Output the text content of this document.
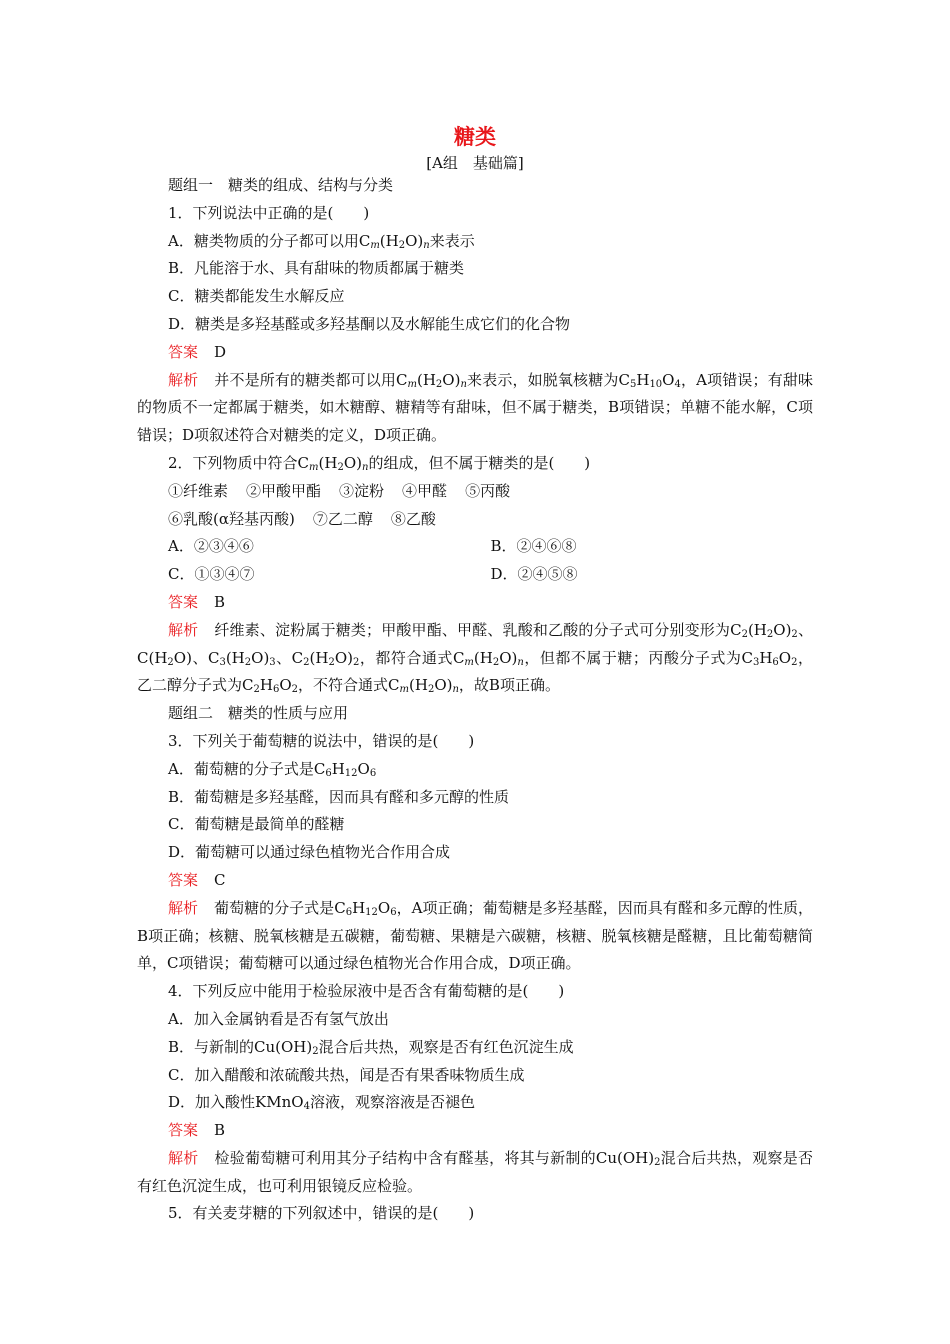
糖类
[A组　基础篇]
题组一　糖类的组成、结构与分类
1．下列说法中正确的是(　　)
A．糖类物质的分子都可以用$C_m(H_2O)_n$来表示
B．凡能溶于水、具有甜味的物质都属于糖类
C．糖类都能发生水解反应
D．糖类是多羟基醛或多羟基酮以及水解能生成它们的化合物
答案 D
解析 并不是所有的糖类都可以用$C_m(H_2O)_n$来表示，如脱氧核糖为$C_5H_{10}O_4$，A项错误；有甜味的物质不一定都属于糖类，如木糖醇、糖精等有甜味，但不属于糖类，B项错误；单糖不能水解，C项错误；D项叙述符合对糖类的定义，D项正确。
2．下列物质中符合$C_m(H_2O)_n$的组成，但不属于糖类的是(　　)
①纤维素 ②甲酸甲酯 ③淀粉 ④甲醛 ⑤丙酸
⑥乳酸(α羟基丙酸) ⑦乙二醇 ⑧乙酸
A．②③④⑥	B．②④⑥⑧
C．①③④⑦	D．②④⑤⑧
答案 B
解析 纤维素、淀粉属于糖类；甲酸甲酯、甲醛、乳酸和乙酸的分子式可分别变形为$C_2(H_2O)_2$、$C(H_2O)$、$C_3(H_2O)_3$、$C_2(H_2O)_2$，都符合通式$C_m(H_2O)_n$，但都不属于糖；丙酸分子式为$C_3H_6O_2$，乙二醇分子式为$C_2H_6O_2$，不符合通式$C_m(H_2O)_n$，故B项正确。
题组二　糖类的性质与应用
3．下列关于葡萄糖的说法中，错误的是(　　)
A．葡萄糖的分子式是$C_6H_{12}O_6$
B．葡萄糖是多羟基醛，因而具有醛和多元醇的性质
C．葡萄糖是最简单的醛糖
D．葡萄糖可以通过绿色植物光合作用合成
答案 C
解析 葡萄糖的分子式是$C_6H_{12}O_6$，A项正确；葡萄糖是多羟基醛，因而具有醛和多元醇的性质，B项正确；核糖、脱氧核糖是五碳糖，葡萄糖、果糖是六碳糖，核糖、脱氧核糖是醛糖，且比葡萄糖简单，C项错误；葡萄糖可以通过绿色植物光合作用合成，D项正确。
4．下列反应中能用于检验尿液中是否含有葡萄糖的是(　　)
A．加入金属钠看是否有氢气放出
B．与新制的$Cu(OH)_2$混合后共热，观察是否有红色沉淀生成
C．加入醋酸和浓硫酸共热，闻是否有果香味物质生成
D．加入酸性KMnO$_4$溶液，观察溶液是否褪色
答案 B
解析 检验葡萄糖可利用其分子结构中含有醛基，将其与新制的$Cu(OH)_2$混合后共热，观察是否有红色沉淀生成，也可利用银镜反应检验。
5．有关麦芽糖的下列叙述中，错误的是(　　)
